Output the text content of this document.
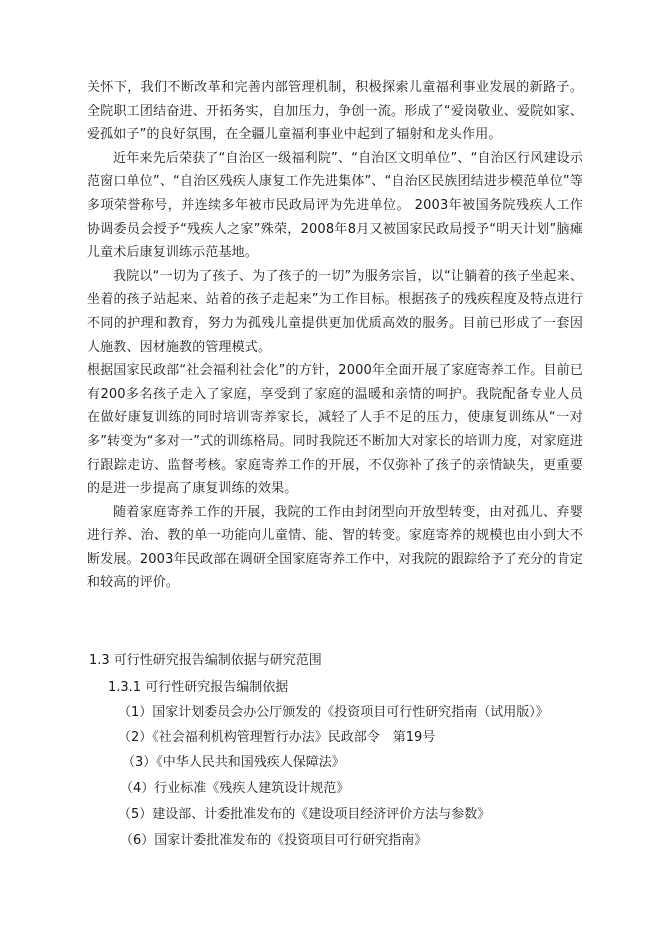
关怀下，我们不断改革和完善内部管理机制，积极探索儿童福利事业发展的新路子。全院职工团结奋进、开拓务实，自加压力，争创一流。形成了“爱岗敬业、爱院如家、爱孤如子”的良好氛围，在全疆儿童福利事业中起到了辐射和龙头作用。

近年来先后荣获了“自治区一级福利院”、“自治区文明单位”、“自治区行风建设示范窗口单位”、“自治区残疾人康复工作先进集体”、“自治区民族团结进步模范单位”等多项荣誉称号，并连续多年被市民政局评为先进单位。 2003年被国务院残疾人工作协调委员会授予“残疾人之家”殊荣，2008年8月又被国家民政局授予“明天计划”脑瘫儿童术后康复训练示范基地。

我院以“一切为了孩子、为了孩子的一切”为服务宗旨，以“让躺着的孩子坐起来、坐着的孩子站起来、站着的孩子走起来”为工作目标。根据孩子的残疾程度及特点进行不同的护理和教育，努力为孤残儿童提供更加优质高效的服务。目前已形成了一套因人施教、因材施教的管理模式。

根据国家民政部“社会福利社会化”的方针，2000年全面开展了家庭寄养工作。目前已有200多名孩子走入了家庭，享受到了家庭的温暖和亲情的呵护。我院配备专业人员在做好康复训练的同时培训寄养家长，减轻了人手不足的压力，使康复训练从“一对多”转变为“多对一”式的训练格局。同时我院还不断加大对家长的培训力度，对家庭进行跟踪走访、监督考核。家庭寄养工作的开展，不仅弥补了孩子的亲情缺失，更重要的是进一步提高了康复训练的效果。

随着家庭寄养工作的开展，我院的工作由封闭型向开放型转变，由对孤儿、弃婴进行养、治、教的单一功能向儿童情、能、智的转变。家庭寄养的规模也由小到大不断发展。2003年民政部在调研全国家庭寄养工作中，对我院的跟踪给予了充分的肯定和较高的评价。

1.3 可行性研究报告编制依据与研究范围
1.3.1 可行性研究报告编制依据
（1）国家计划委员会办公厅颁发的《投资项目可行性研究指南（试用版）》
（2）《社会福利机构管理暂行办法》民政部令　第19号
（3）《中华人民共和国残疾人保障法》
（4）行业标准《残疾人建筑设计规范》
（5）建设部、计委批准发布的《建设项目经济评价方法与参数》
（6）国家计委批准发布的《投资项目可行研究指南》
